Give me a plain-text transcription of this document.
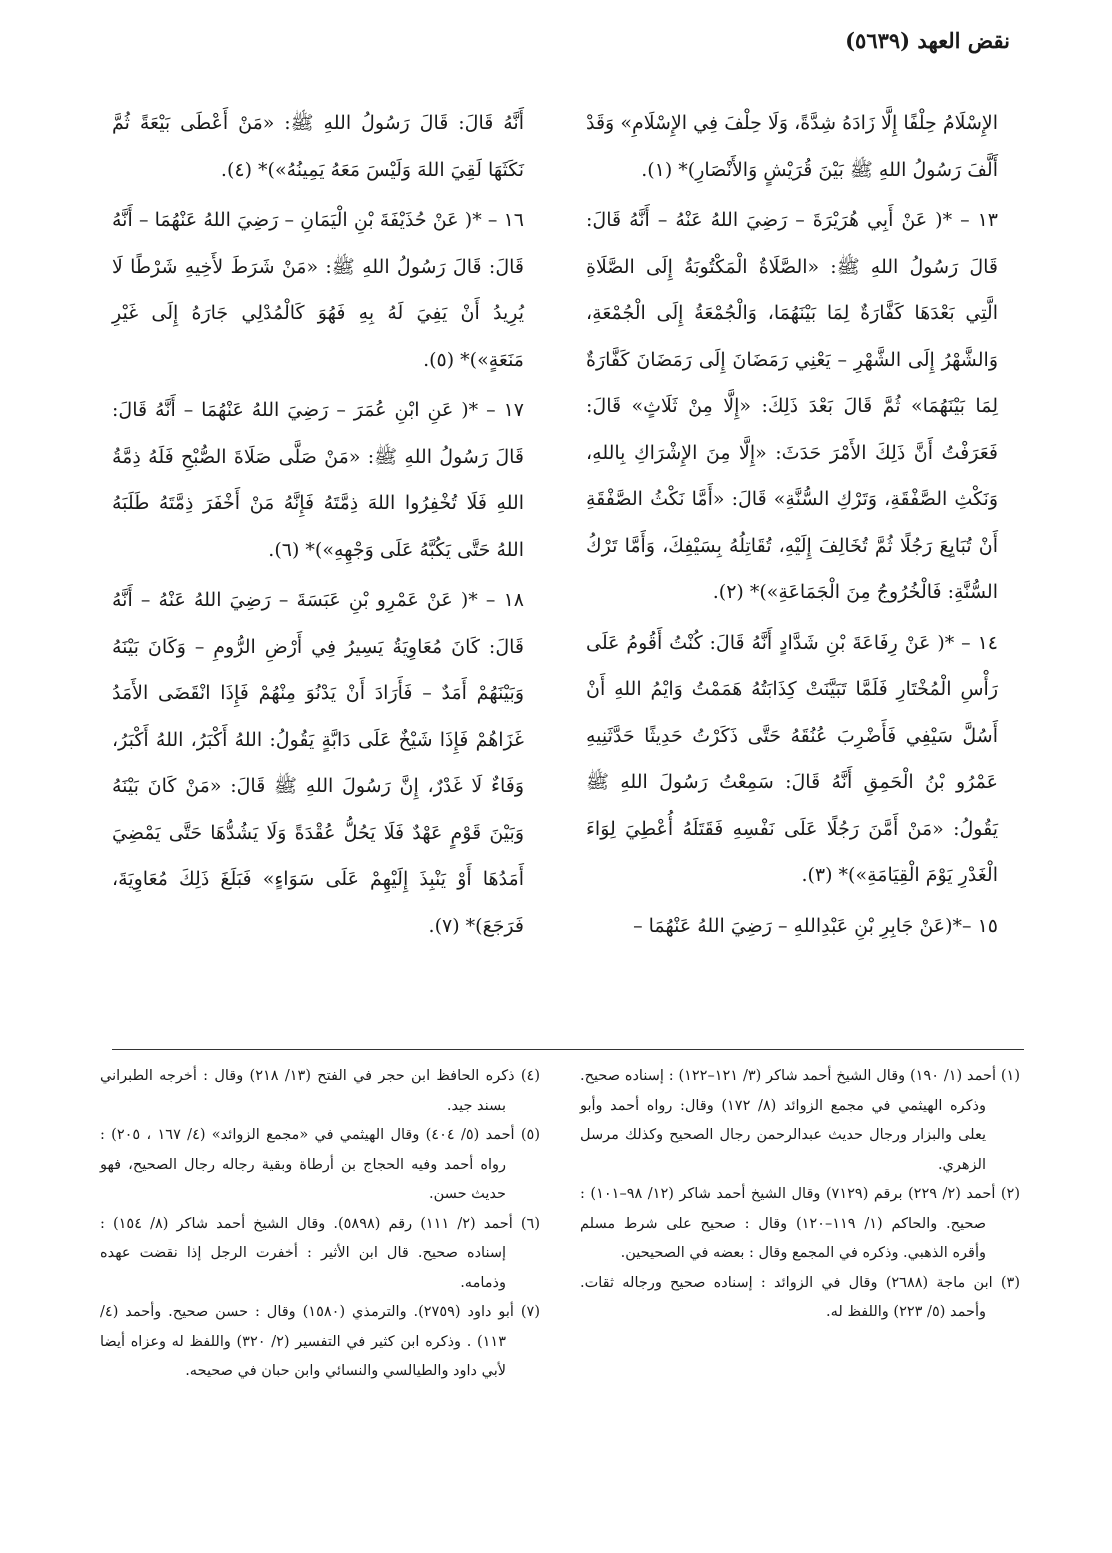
نقض العهد (٥٦٣٩)

الإِسْلَامُ حِلْفًا إِلَّا زَادَهُ شِدَّةً، وَلَا حِلْفَ فِي الإِسْلَامِ» وَقَدْ أَلَّفَ رَسُولُ اللهِ ﷺ بَيْنَ قُرَيْشٍ وَالأَنْصَارِ)* (١).

١٣ – *( عَنْ أَبِي هُرَيْرَةَ – رَضِيَ اللهُ عَنْهُ – أَنَّهُ قَالَ: قَالَ رَسُولُ اللهِ ﷺ: «الصَّلَاةُ الْمَكْتُوبَةُ إِلَى الصَّلَاةِ الَّتِي بَعْدَهَا كَفَّارَةٌ لِمَا بَيْنَهُمَا، وَالْجُمْعَةُ إِلَى الْجُمْعَةِ، وَالشَّهْرُ إِلَى الشَّهْرِ – يَعْنِي رَمَضَانَ إِلَى رَمَضَانَ كَفَّارَةٌ لِمَا بَيْنَهُمَا» ثُمَّ قَالَ بَعْدَ ذَلِكَ: «إِلَّا مِنْ ثَلَاثٍ» قَالَ: فَعَرَفْتُ أَنَّ ذَلِكَ الأَمْرَ حَدَثَ: «إِلَّا مِنَ الإِشْرَاكِ بِاللهِ، وَنَكْثِ الصَّفْقَةِ، وَتَرْكِ السُّنَّةِ» قَالَ: «أَمَّا نَكْثُ الصَّفْقَةِ أَنْ تُبَايِعَ رَجُلًا ثُمَّ تُخَالِفَ إِلَيْهِ، تُقَاتِلُهُ بِسَيْفِكَ، وَأَمَّا تَرْكُ السُّنَّةِ: فَالْخُرُوجُ مِنَ الْجَمَاعَةِ»)* (٢).

١٤ – *( عَنْ رِفَاعَةَ بْنِ شَدَّادٍ أَنَّهُ قَالَ: كُنْتُ أَقُومُ عَلَى رَأْسِ الْمُخْتَارِ فَلَمَّا تَبَيَّنَتْ كِذَابَتُهُ هَمَمْتُ وَايْمُ اللهِ أَنْ أَسُلَّ سَيْفِي فَأَضْرِبَ عُنُقَهُ حَتَّى ذَكَرْتُ حَدِيثًا حَدَّثَنِيهِ عَمْرُو بْنُ الْحَمِقِ أَنَّهُ قَالَ: سَمِعْتُ رَسُولَ اللهِ ﷺ يَقُولُ: «مَنْ أَمَّنَ رَجُلًا عَلَى نَفْسِهِ فَقَتَلَهُ أُعْطِيَ لِوَاءَ الْغَدْرِ يَوْمَ الْقِيَامَةِ»)* (٣).

١٥ –*(عَنْ جَابِرِ بْنِ عَبْدِاللهِ – رَضِيَ اللهُ عَنْهُمَا –

أَنَّهُ قَالَ: قَالَ رَسُولُ اللهِ ﷺ: «مَنْ أَعْطَى بَيْعَةً ثُمَّ نَكَثَهَا لَقِيَ اللهَ وَلَيْسَ مَعَهُ يَمِينُهُ»)* (٤).

١٦ – *( عَنْ حُذَيْفَةَ بْنِ الْيَمَانِ – رَضِيَ اللهُ عَنْهُمَا – أَنَّهُ قَالَ: قَالَ رَسُولُ اللهِ ﷺ: «مَنْ شَرَطَ لأَخِيهِ شَرْطًا لَا يُرِيدُ أَنْ يَفِيَ لَهُ بِهِ فَهُوَ كَالْمُدْلِي جَارَهُ إِلَى غَيْرِ مَنَعَةٍ»)* (٥).

١٧ – *( عَنِ ابْنِ عُمَرَ – رَضِيَ اللهُ عَنْهُمَا – أَنَّهُ قَالَ: قَالَ رَسُولُ اللهِ ﷺ: «مَنْ صَلَّى صَلَاةَ الصُّبْحِ فَلَهُ ذِمَّةُ اللهِ فَلَا تُخْفِرُوا اللهَ ذِمَّتَهُ فَإِنَّهُ مَنْ أَخْفَرَ ذِمَّتَهُ طَلَبَهُ اللهُ حَتَّى يَكُبَّهُ عَلَى وَجْهِهِ»)* (٦).

١٨ – *( عَنْ عَمْرِو بْنِ عَبَسَةَ – رَضِيَ اللهُ عَنْهُ – أَنَّهُ قَالَ: كَانَ مُعَاوِيَةُ يَسِيرُ فِي أَرْضِ الرُّومِ – وَكَانَ بَيْنَهُ وَبَيْنَهُمْ أَمَدٌ – فَأَرَادَ أَنْ يَدْنُوَ مِنْهُمْ فَإِذَا انْقَضَى الأَمَدُ غَزَاهُمْ فَإِذَا شَيْخٌ عَلَى دَابَّةٍ يَقُولُ: اللهُ أَكْبَرُ، اللهُ أَكْبَرُ، وَفَاءٌ لَا غَدْرٌ، إِنَّ رَسُولَ اللهِ ﷺ قَالَ: «مَنْ كَانَ بَيْنَهُ وَبَيْنَ قَوْمٍ عَهْدٌ فَلَا يَحُلُّ عُقْدَةً وَلَا يَشُدُّهَا حَتَّى يَمْضِيَ أَمَدُهَا أَوْ يَنْبِذَ إِلَيْهِمْ عَلَى سَوَاءٍ» فَبَلَغَ ذَلِكَ مُعَاوِيَةَ، فَرَجَعَ)* (٧).

(١) أحمد (١/ ١٩٠) وقال الشيخ أحمد شاكر (٣/ ١٢١–١٢٢) : إسناده صحيح. وذكره الهيثمي في مجمع الزوائد (٨/ ١٧٢) وقال: رواه أحمد وأبو يعلى والبزار ورجال حديث عبدالرحمن رجال الصحيح وكذلك مرسل الزهري.

(٢) أحمد (٢/ ٢٢٩) برقم (٧١٢٩) وقال الشيخ أحمد شاكر (١٢/ ٩٨–١٠١) : صحيح. والحاكم (١/ ١١٩–١٢٠) وقال : صحيح على شرط مسلم وأقره الذهبي. وذكره في المجمع وقال : بعضه في الصحيحين.

(٣) ابن ماجة (٢٦٨٨) وقال في الزوائد : إسناده صحيح ورجاله ثقات. وأحمد (٥/ ٢٢٣) واللفظ له.

(٤) ذكره الحافظ ابن حجر في الفتح (١٣/ ٢١٨) وقال : أخرجه الطبراني بسند جيد.

(٥) أحمد (٥/ ٤٠٤) وقال الهيثمي في «مجمع الزوائد» (٤/ ١٦٧ ، ٢٠٥) : رواه أحمد وفيه الحجاج بن أرطاة وبقية رجاله رجال الصحيح، فهو حديث حسن.

(٦) أحمد (٢/ ١١١) رقم (٥٨٩٨). وقال الشيخ أحمد شاكر (٨/ ١٥٤) : إسناده صحيح. قال ابن الأثير : أخفرت الرجل إذا نقضت عهده وذمامه.

(٧) أبو داود (٢٧٥٩). والترمذي (١٥٨٠) وقال : حسن صحيح. وأحمد (٤/ ١١٣) . وذكره ابن كثير في التفسير (٢/ ٣٢٠) واللفظ له وعزاه أيضا لأبي داود والطيالسي والنسائي وابن حبان في صحيحه.
